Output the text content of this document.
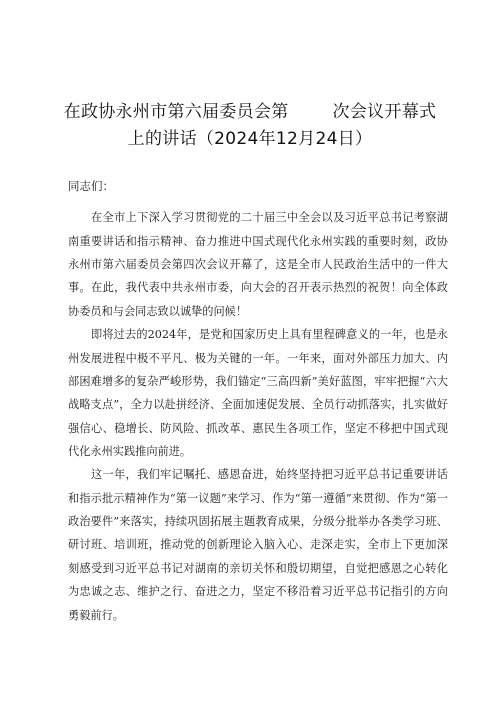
在政协永州市第六届委员会第	次会议开幕式
上的讲话（2024年12月24日）
同志们：

在全市上下深入学习贯彻党的二十届三中全会以及习近平总书记考察湖南重要讲话和指示精神、奋力推进中国式现代化永州实践的重要时刻，政协永州市第六届委员会第四次会议开幕了，这是全市人民政治生活中的一件大事。在此，我代表中共永州市委，向大会的召开表示热烈的祝贺！向全体政协委员和与会同志致以诚挚的问候！

即将过去的2024年，是党和国家历史上具有里程碑意义的一年，也是永州发展进程中极不平凡、极为关键的一年。一年来，面对外部压力加大、内部困难增多的复杂严峻形势，我们锚定“三高四新”美好蓝图，牢牢把握“六大战略支点”，全力以赴拼经济、全面加速促发展、全员行动抓落实，扎实做好强信心、稳增长、防风险、抓改革、惠民生各项工作，坚定不移把中国式现代化永州实践推向前进。

这一年，我们牢记嘱托、感恩奋进，始终坚持把习近平总书记重要讲话和指示批示精神作为“第一议题”来学习、作为“第一遵循”来贯彻、作为“第一政治要件”来落实，持续巩固拓展主题教育成果，分级分批举办各类学习班、研讨班、培训班，推动党的创新理论入脑入心、走深走实，全市上下更加深刻感受到习近平总书记对湖南的亲切关怀和殷切期望，自觉把感恩之心转化为忠诚之志、维护之行、奋进之力，坚定不移沿着习近平总书记指引的方向勇毅前行。
